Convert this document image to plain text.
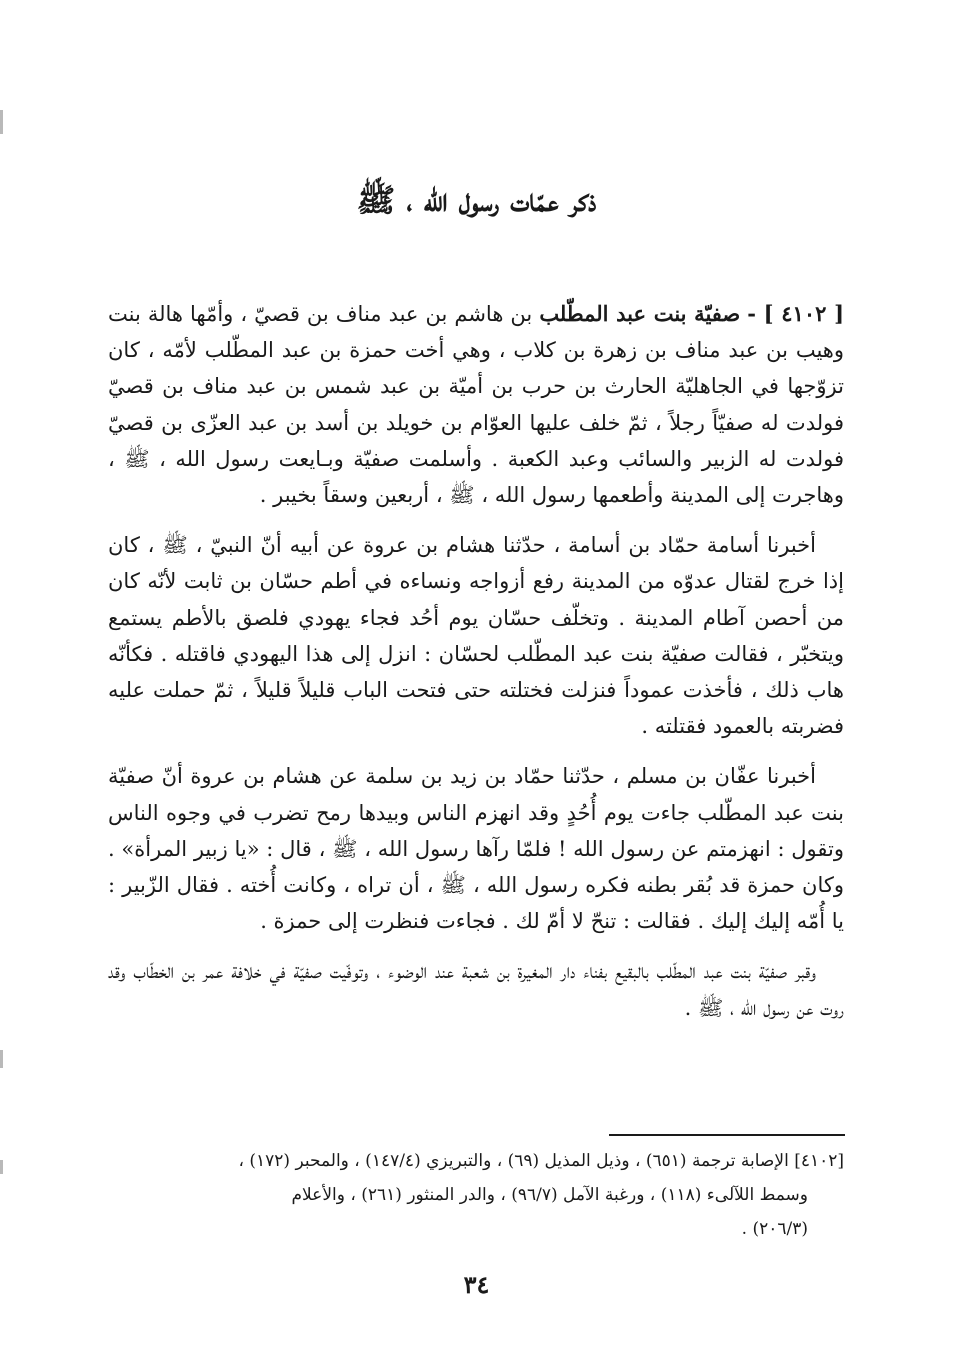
ذكر عمّات رسول الله ، ﷺ

[ ٤١٠٢ ] - صفيّة بنت عبد المطّلب بن هاشم بن عبد مناف بن قصيّ ، وأمّها هالة بنت وهيب بن عبد مناف بن زهرة بن كلاب ، وهي أخت حمزة بن عبد المطّلب لأمّه ، كان تزوّجها في الجاهليّة الحارث بن حرب بن أميّة بن عبد شمس بن عبد مناف بن قصيّ فولدت له صفيّاً رجلاً ، ثمّ خلف عليها العوّام بن خويلد بن أسد بن عبد العزّى بن قصيّ فولدت له الزبير والسائب وعبد الكعبة . وأسلمت صفيّة وبـايعت رسول الله ، ﷺ ، وهاجرت إلى المدينة وأطعمها رسول الله ، ﷺ ، أربعين وسقاً بخيبر .

أخبرنا أسامة حمّاد بن أسامة ، حدّثنا هشام بن عروة عن أبيه أنّ النبيّ ، ﷺ ، كان إذا خرج لقتال عدوّه من المدينة رفع أزواجه ونساءه في أطم حسّان بن ثابت لأنّه كان من أحصن آطام المدينة . وتخلّف حسّان يوم أحُد فجاء يهودي فلصق بالأطم يستمع ويتخبّر ، فقالت صفيّة بنت عبد المطّلب لحسّان : انزل إلى هذا اليهودي فاقتله . فكأنّه هاب ذلك ، فأخذت عموداً فنزلت فختلته حتى فتحت الباب قليلاً قليلاً ، ثمّ حملت عليه فضربته بالعمود فقتلته .

أخبرنا عفّان بن مسلم ، حدّثنا حمّاد بن زيد بن سلمة عن هشام بن عروة أنّ صفيّة بنت عبد المطّلب جاءت يوم أُحُدٍ وقد انهزم الناس وبيدها رمح تضرب في وجوه الناس وتقول : انهزمتم عن رسول الله ! فلمّا رآها رسول الله ، ﷺ ، قال : «يا زبير المرأة» . وكان حمزة قد بُقر بطنه فكره رسول الله ، ﷺ ، أن تراه ، وكانت أُخته . فقال الزّبير : يا أُمّه إليك إليك . فقالت : تنحّ لا أمّ لك . فجاءت فنظرت إلى حمزة .

وقبر صفيّة بنت عبد المطّلب بالبقيع بفناء دار المغيرة بن شعبة عند الوضوء ، وتوفّيت صفيّة في خلافة عمر بن الخطّاب وقد روت عن رسول الله ، ﷺ .

[٤١٠٢] الإصابة ترجمة (٦٥١) ، وذيل المذيل (٦٩) ، والتبريزي (١٤٧/٤) ، والمحبر (١٧٢) ،
وسمط اللآلىء (١١٨) ، ورغبة الآمل (٩٦/٧) ، والدر المنثور (٢٦١) ، والأعلام
(٢٠٦/٣) .
٣٤
